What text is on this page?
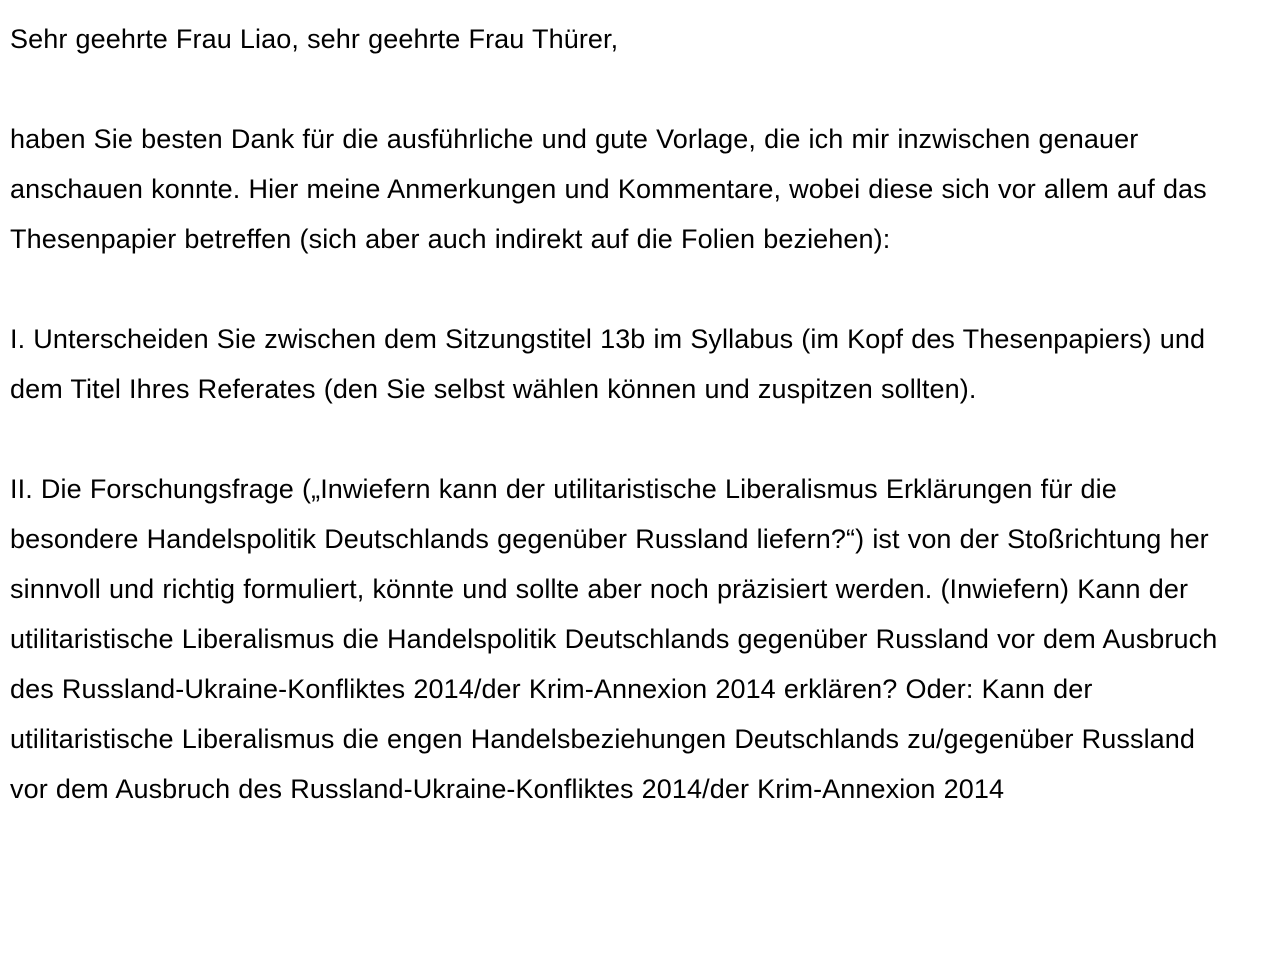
Sehr geehrte Frau Liao, sehr geehrte Frau Thürer,

haben Sie besten Dank für die ausführliche und gute Vorlage, die ich mir inzwischen genauer anschauen konnte. Hier meine Anmerkungen und Kommentare, wobei diese sich vor allem auf das Thesenpapier betreffen (sich aber auch indirekt auf die Folien beziehen):

I. Unterscheiden Sie zwischen dem Sitzungstitel 13b im Syllabus (im Kopf des Thesenpapiers) und dem Titel Ihres Referates (den Sie selbst wählen können und zuspitzen sollten).

II. Die Forschungsfrage („Inwiefern kann der utilitaristische Liberalismus Erklärungen für die besondere Handelspolitik Deutschlands gegenüber Russland liefern?“) ist von der Stoßrichtung her sinnvoll und richtig formuliert, könnte und sollte aber noch präzisiert werden. (Inwiefern) Kann der utilitaristische Liberalismus die Handelspolitik Deutschlands gegenüber Russland vor dem Ausbruch des Russland-Ukraine-Konfliktes 2014/der Krim-Annexion 2014 erklären? Oder: Kann der utilitaristische Liberalismus die engen Handelsbeziehungen Deutschlands zu/gegenüber Russland vor dem Ausbruch des Russland-Ukraine-Konfliktes 2014/der Krim-Annexion 2014
